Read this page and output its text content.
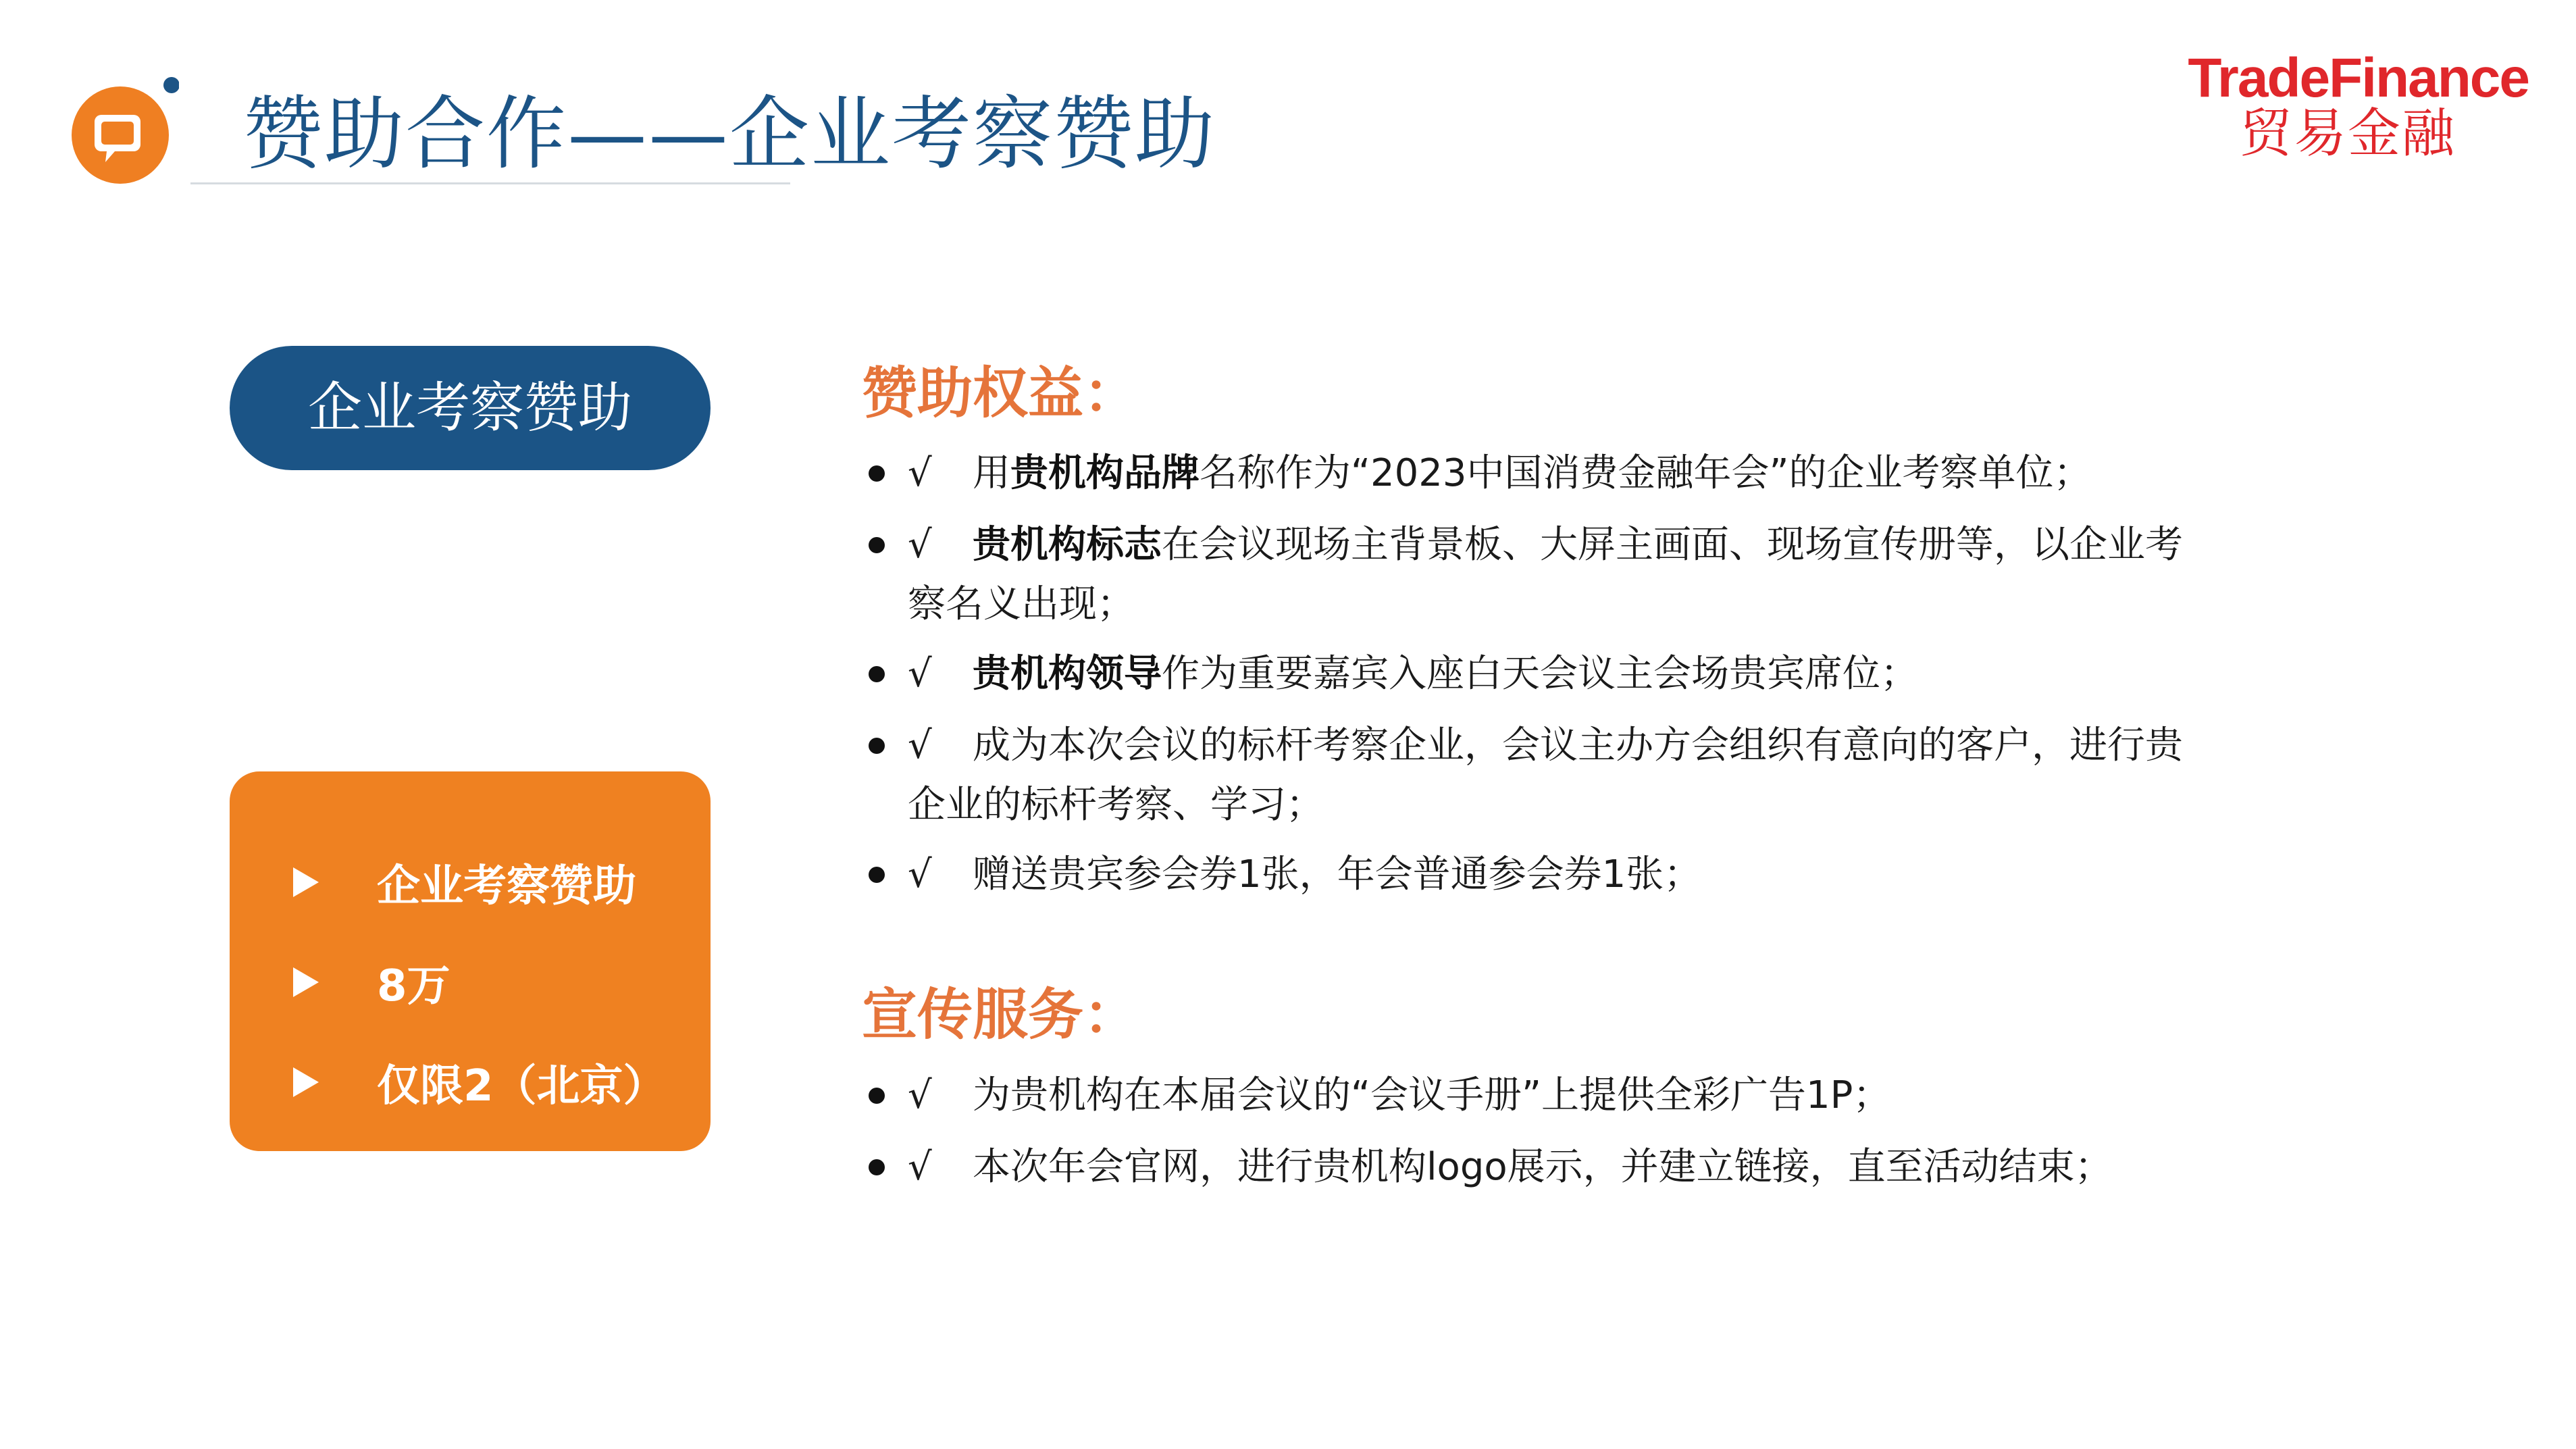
赞助合作——企业考察赞助
TradeFinance
贸易金融
企业考察赞助
企业考察赞助
8万
仅限2（北京）
赞助权益：
√ 用贵机构品牌名称作为“2023中国消费金融年会”的企业考察单位；
√ 贵机构标志在会议现场主背景板、大屏主画面、现场宣传册等，以企业考
察名义出现；
√ 贵机构领导作为重要嘉宾入座白天会议主会场贵宾席位；
√ 成为本次会议的标杆考察企业，会议主办方会组织有意向的客户，进行贵
企业的标杆考察、学习；
√ 赠送贵宾参会券1张，年会普通参会券1张；
宣传服务：
√ 为贵机构在本届会议的“会议手册”上提供全彩广告1P；
√ 本次年会官网，进行贵机构logo展示，并建立链接，直至活动结束；
